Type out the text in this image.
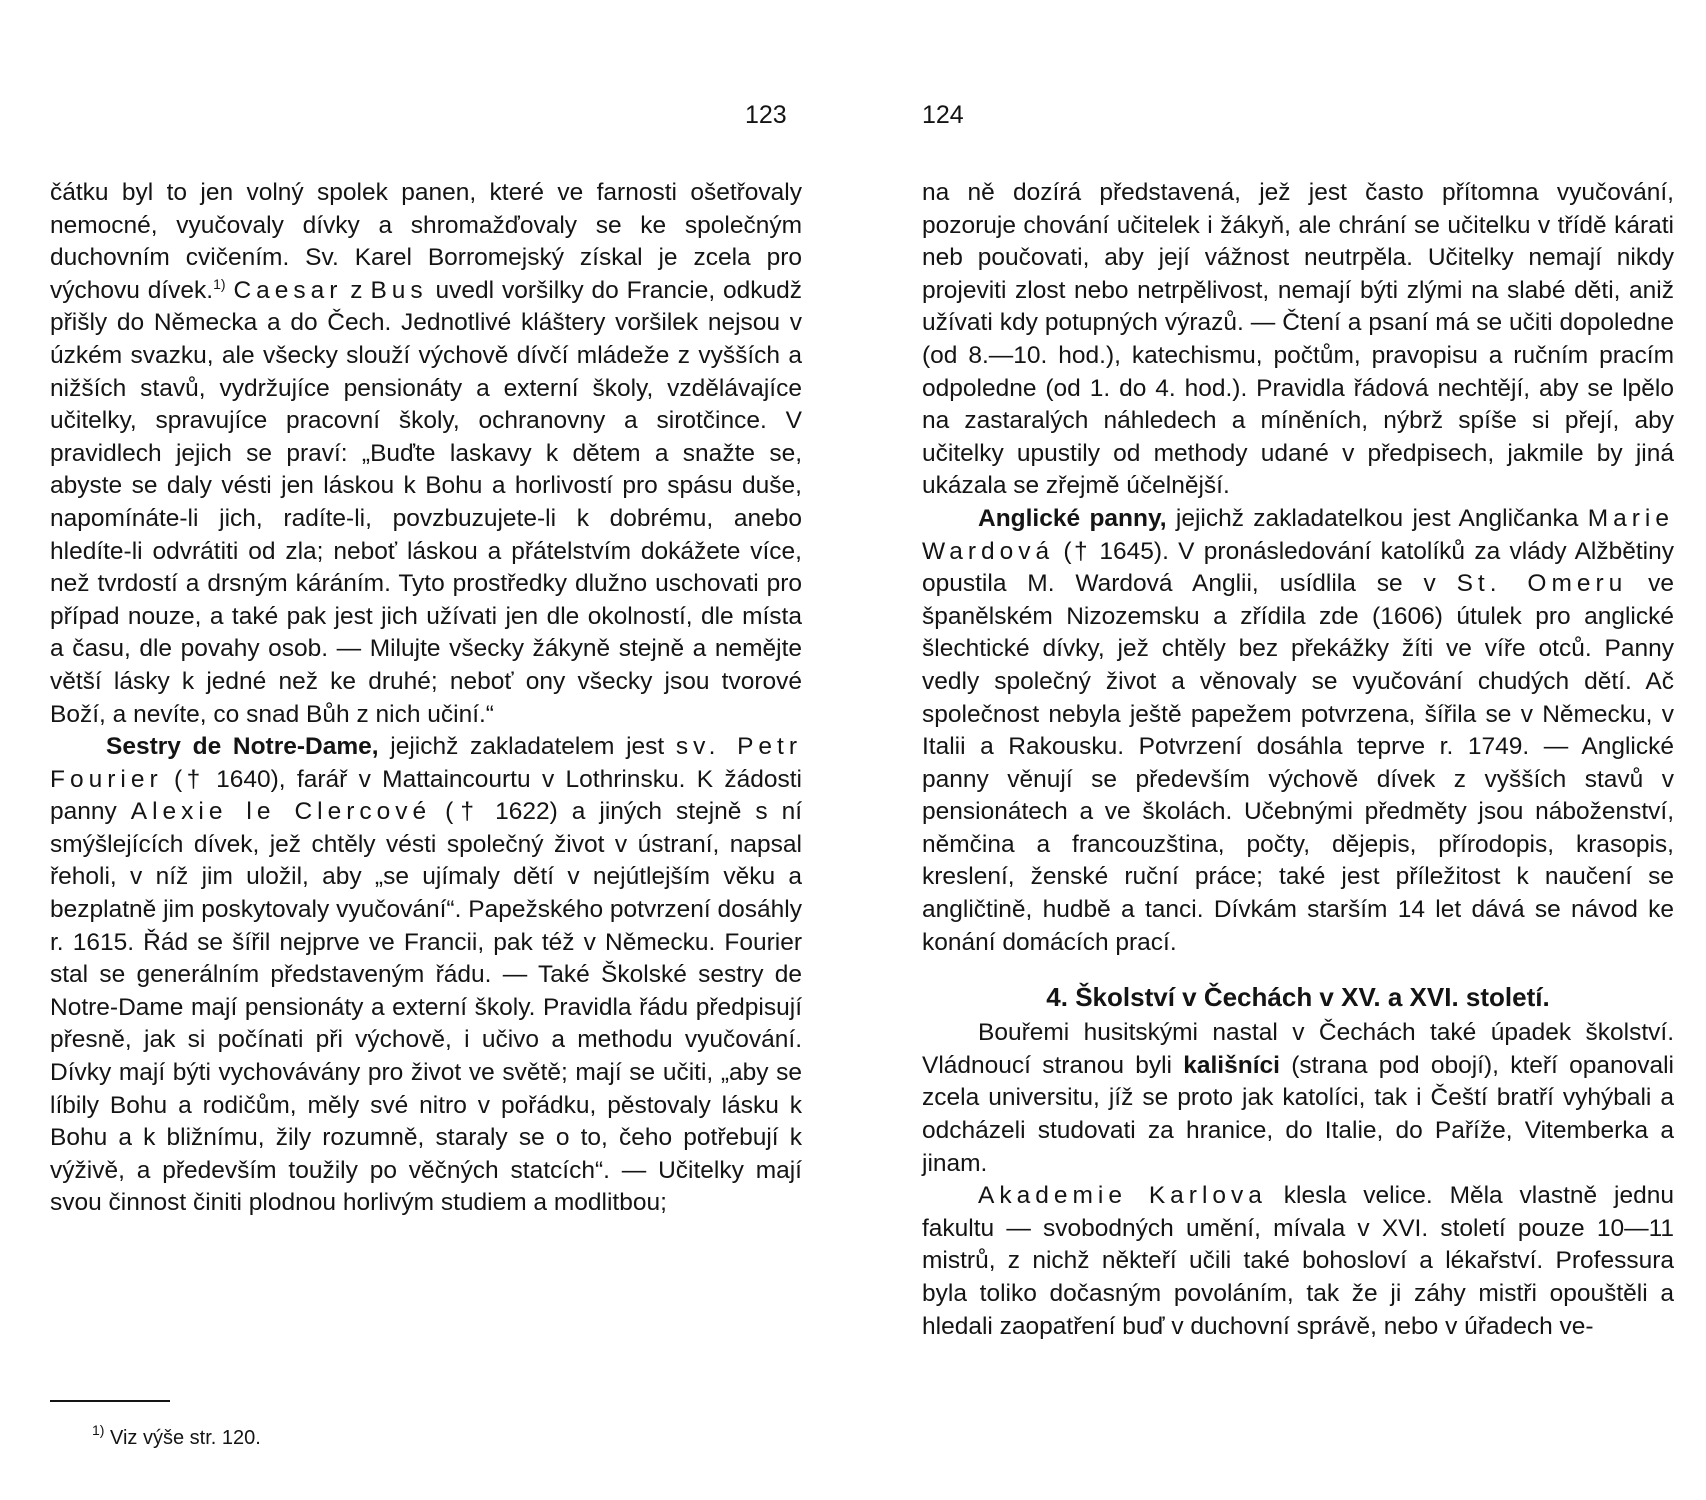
123

čátku byl to jen volný spolek panen, které ve farnosti ošetřovaly nemocné, vyučovaly dívky a shromažďovaly se ke společným duchovním cvičením. Sv. Karel Borromejský získal je zcela pro výchovu dívek.$^{1)}$ Caesar z Bus uvedl voršilky do Francie, odkudž přišly do Německa a do Čech. Jednotlivé kláštery voršilek nejsou v úzkém svazku, ale všecky slouží výchově dívčí mládeže z vyšších a nižších stavů, vydržujíce pensionáty a externí školy, vzdělávajíce učitelky, spravujíce pracovní školy, ochranovny a sirotčince. V pravidlech jejich se praví: „Buďte laskavy k dětem a snažte se, abyste se daly vésti jen láskou k Bohu a horlivostí pro spásu duše, napomínáte-li jich, radíte-li, povzbuzujete-li k dobrému, anebo hledíte-li odvrátiti od zla; neboť láskou a přátelstvím dokážete více, než tvrdostí a drsným káráním. Tyto prostředky dlužno uschovati pro případ nouze, a také pak jest jich užívati jen dle okolností, dle místa a času, dle povahy osob. — Milujte všecky žákyně stejně a nemějte větší lásky k jedné než ke druhé; neboť ony všecky jsou tvorové Boží, a nevíte, co snad Bůh z nich učiní.“

Sestry de Notre-Dame, jejichž zakladatelem jest sv. Petr Fourier († 1640), farář v Mattaincourtu v Lothrinsku. K žádosti panny Alexie le Clercové († 1622) a jiných stejně s ní smýšlejících dívek, jež chtěly vésti společný život v ústraní, napsal řeholi, v níž jim uložil, aby „se ujímaly dětí v nejútlejším věku a bezplatně jim poskytovaly vyučování“. Papežského potvrzení dosáhly r. 1615. Řád se šířil nejprve ve Francii, pak též v Německu. Fourier stal se generálním představeným řádu. — Také Školské sestry de Notre-Dame mají pensionáty a externí školy. Pravidla řádu předpisují přesně, jak si počínati při výchově, i učivo a methodu vyučování. Dívky mají býti vychovávány pro život ve světě; mají se učiti, „aby se líbily Bohu a rodičům, měly své nitro v pořádku, pěstovaly lásku k Bohu a k bližnímu, žily rozumně, staraly se o to, čeho potřebují k výživě, a především toužily po věčných statcích“. — Učitelky mají svou činnost činiti plodnou horlivým studiem a modlitbou;

$^{1)}$ Viz výše str. 120.
124

na ně dozírá představená, jež jest často přítomna vyučování, pozoruje chování učitelek i žákyň, ale chrání se učitelku v třídě kárati neb poučovati, aby její vážnost neutrpěla. Učitelky nemají nikdy projeviti zlost nebo netrpělivost, nemají býti zlými na slabé děti, aniž užívati kdy potupných výrazů. — Čtení a psaní má se učiti dopoledne (od 8.—10. hod.), katechismu, počtům, pravopisu a ručním pracím odpoledne (od 1. do 4. hod.). Pravidla řádová nechtějí, aby se lpělo na zastaralých náhledech a míněních, nýbrž spíše si přejí, aby učitelky upustily od methody udané v předpisech, jakmile by jiná ukázala se zřejmě účelnější.

Anglické panny, jejichž zakladatelkou jest Angličanka Marie Wardová († 1645). V pronásledování katolíků za vlády Alžbětiny opustila M. Wardová Anglii, usídlila se v St. Omeru ve španělském Nizozemsku a zřídila zde (1606) útulek pro anglické šlechtické dívky, jež chtěly bez překážky žíti ve víře otců. Panny vedly společný život a věnovaly se vyučování chudých dětí. Ač společnost nebyla ještě papežem potvrzena, šířila se v Německu, v Italii a Rakousku. Potvrzení dosáhla teprve r. 1749. — Anglické panny věnují se především výchově dívek z vyšších stavů v pensionátech a ve školách. Učebnými předměty jsou náboženství, němčina a francouzština, počty, dějepis, přírodopis, krasopis, kreslení, ženské ruční práce; také jest příležitost k naučení se angličtině, hudbě a tanci. Dívkám starším 14 let dává se návod ke konání domácích prací.

4. Školství v Čechách v XV. a XVI. století.

Bouřemi husitskými nastal v Čechách také úpadek školství. Vládnoucí stranou byli kališníci (strana pod obojí), kteří opanovali zcela universitu, jíž se proto jak katolíci, tak i Čeští bratří vyhýbali a odcházeli studovati za hranice, do Italie, do Paříže, Vitemberka a jinam.

Akademie Karlova klesla velice. Měla vlastně jednu fakultu — svobodných umění, mívala v XVI. století pouze 10—11 mistrů, z nichž někteří učili také bohosloví a lékařství. Professura byla toliko dočasným povoláním, tak že ji záhy mistři opouštěli a hledali zaopatření buď v duchovní správě, nebo v úřadech ve-
